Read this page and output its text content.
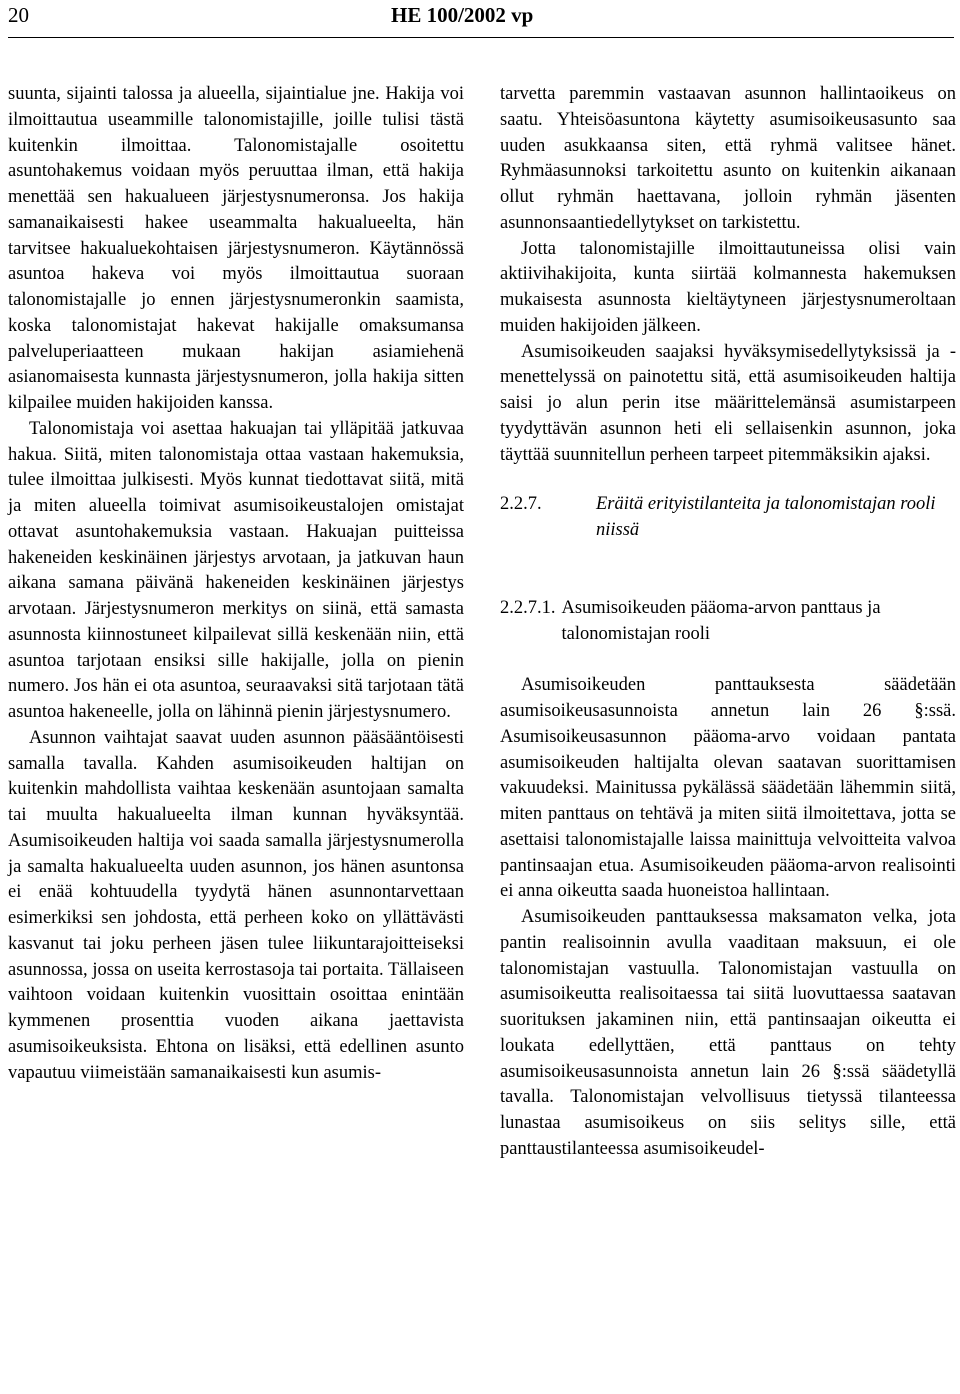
20	HE 100/2002 vp

suunta, sijainti talossa ja alueella, sijaintialue jne. Hakija voi ilmoittautua useammille talonomistajille, joille tulisi tästä kuitenkin ilmoittaa. Talonomistajalle osoitettu asuntohakemus voidaan myös peruuttaa ilman, että hakija menettää sen hakualueen järjestysnumeronsa. Jos hakija samanaikaisesti hakee useammalta hakualueelta, hän tarvitsee hakualuekohtaisen järjestysnumeron. Käytännössä asuntoa hakeva voi myös ilmoittautua suoraan talonomistajalle jo ennen järjestysnumeronkin saamista, koska talonomistajat hakevat hakijalle omaksumansa palveluperiaatteen mukaan hakijan asiamiehenä asianomaisesta kunnasta järjestysnumeron, jolla hakija sitten kilpailee muiden hakijoiden kanssa.

Talonomistaja voi asettaa hakuajan tai ylläpitää jatkuvaa hakua. Siitä, miten talonomistaja ottaa vastaan hakemuksia, tulee ilmoittaa julkisesti. Myös kunnat tiedottavat siitä, mitä ja miten alueella toimivat asumisoikeustalojen omistajat ottavat asuntohakemuksia vastaan. Hakuajan puitteissa hakeneiden keskinäinen järjestys arvotaan, ja jatkuvan haun aikana samana päivänä hakeneiden keskinäinen järjestys arvotaan. Järjestysnumeron merkitys on siinä, että samasta asunnosta kiinnostuneet kilpailevat sillä keskenään niin, että asuntoa tarjotaan ensiksi sille hakijalle, jolla on pienin numero. Jos hän ei ota asuntoa, seuraavaksi sitä tarjotaan tätä asuntoa hakeneelle, jolla on lähinnä pienin järjestysnumero.

Asunnon vaihtajat saavat uuden asunnon pääsääntöisesti samalla tavalla. Kahden asumisoikeuden haltijan on kuitenkin mahdollista vaihtaa keskenään asuntojaan samalta tai muulta hakualueelta ilman kunnan hyväksyntää. Asumisoikeuden haltija voi saada samalla järjestysnumerolla ja samalta hakualueelta uuden asunnon, jos hänen asuntonsa ei enää kohtuudella tyydytä hänen asunnontarvettaan esimerkiksi sen johdosta, että perheen koko on yllättävästi kasvanut tai joku perheen jäsen tulee liikuntarajoitteiseksi asunnossa, jossa on useita kerrostasoja tai portaita. Tällaiseen vaihtoon voidaan kuitenkin vuosittain osoittaa enintään kymmenen prosenttia vuoden aikana jaettavista asumisoikeuksista. Ehtona on lisäksi, että edellinen asunto vapautuu viimeistään samanaikaisesti kun asumis-

tarvetta paremmin vastaavan asunnon hallintaoikeus on saatu. Yhteisöasuntona käytetty asumisoikeusasunto saa uuden asukkaansa siten, että ryhmä valitsee hänet. Ryhmäasunnoksi tarkoitettu asunto on kuitenkin aikanaan ollut ryhmän haettavana, jolloin ryhmän jäsenten asunnonsaantiedellytykset on tarkistettu.

Jotta talonomistajille ilmoittautuneissa olisi vain aktiivihakijoita, kunta siirtää kolmannesta hakemuksen mukaisesta asunnosta kieltäytyneen järjestysnumeroltaan muiden hakijoiden jälkeen.

Asumisoikeuden saajaksi hyväksymisedellytyksissä ja -menettelyssä on painotettu sitä, että asumisoikeuden haltija saisi jo alun perin itse määrittelemänsä asumistarpeen tyydyttävän asunnon heti eli sellaisenkin asunnon, joka täyttää suunnitellun perheen tarpeet pitemmäksikin ajaksi.

2.2.7.	Eräitä erityistilanteita ja talonomistajan rooli niissä
2.2.7.1. Asumisoikeuden pääoma-arvon panttaus ja talonomistajan rooli

Asumisoikeuden panttauksesta säädetään asumisoikeusasunnoista annetun lain 26 §:ssä. Asumisoikeusasunnon pääoma-arvo voidaan pantata asumisoikeuden haltijalta olevan saatavan suorittamisen vakuudeksi. Mainitussa pykälässä säädetään lähemmin siitä, miten panttaus on tehtävä ja miten siitä ilmoitettava, jotta se asettaisi talonomistajalle laissa mainittuja velvoitteita valvoa pantinsaajan etua. Asumisoikeuden pääoma-arvon realisointi ei anna oikeutta saada huoneistoa hallintaan.

Asumisoikeuden panttauksessa maksamaton velka, jota pantin realisoinnin avulla vaaditaan maksuun, ei ole talonomistajan vastuulla. Talonomistajan vastuulla on asumisoikeutta realisoitaessa tai siitä luovuttaessa saatavan suorituksen jakaminen niin, että pantinsaajan oikeutta ei loukata edellyttäen, että panttaus on tehty asumisoikeusasunnoista annetun lain 26 §:ssä säädetyllä tavalla. Talonomistajan velvollisuus tietyssä tilanteessa lunastaa asumisoikeus on siis selitys sille, että panttaustilanteessa asumisoikeudel-
